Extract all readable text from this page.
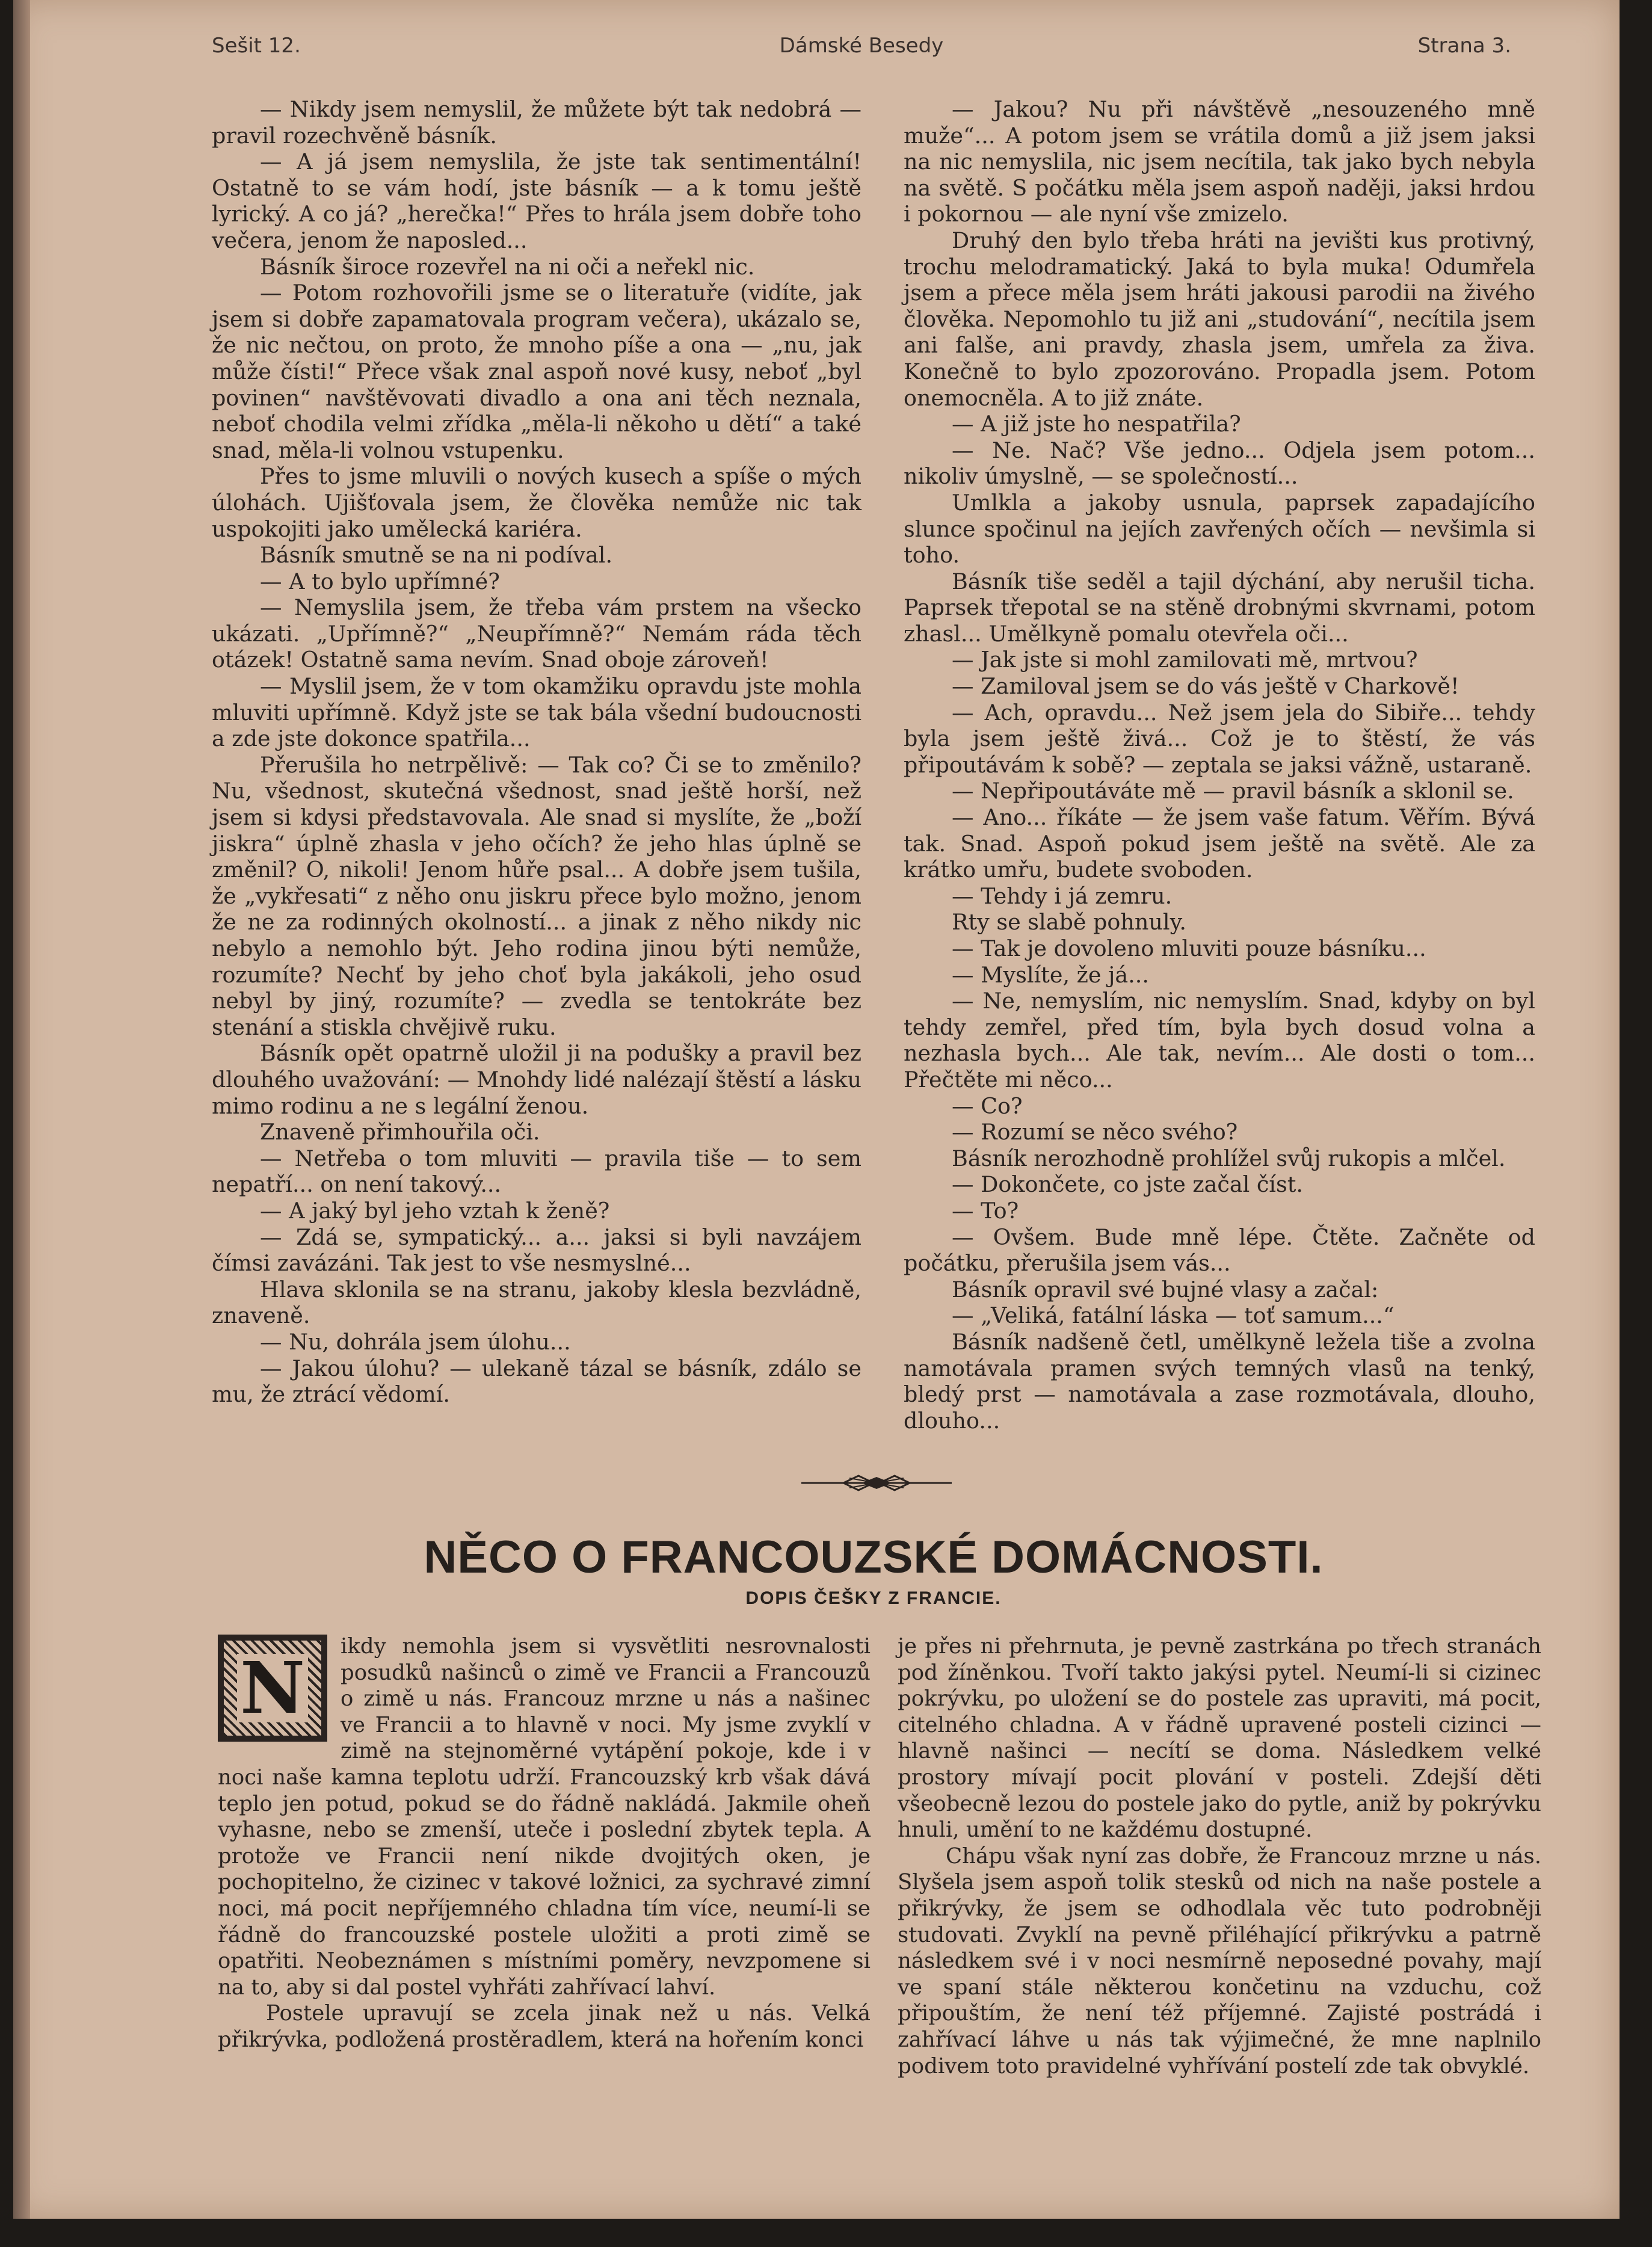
Sešit 12.	Dámské Besedy	Strana 3.

— Nikdy jsem nemyslil, že můžete být tak nedobrá — pravil rozechvěně básník.

— A já jsem nemyslila, že jste tak sentimentální! Ostatně to se vám hodí, jste básník — a k tomu ještě lyrický. A co já? „herečka!“ Přes to hrála jsem dobře toho večera, jenom že naposled...

Básník široce rozevřel na ni oči a neřekl nic.

— Potom rozhovořili jsme se o literatuře (vidíte, jak jsem si dobře zapamatovala program večera), ukázalo se, že nic nečtou, on proto, že mnoho píše a ona — „nu, jak může čísti!“ Přece však znal aspoň nové kusy, neboť „byl povinen“ navštěvovati divadlo a ona ani těch neznala, neboť chodila velmi zřídka „měla-li někoho u dětí“ a také snad, měla-li volnou vstupenku.

Přes to jsme mluvili o nových kusech a spíše o mých úlohách. Ujišťovala jsem, že člověka nemůže nic tak uspokojiti jako umělecká kariéra.

Básník smutně se na ni podíval.

— A to bylo upřímné?

— Nemyslila jsem, že třeba vám prstem na všecko ukázati. „Upřímně?“ „Neupřímně?“ Nemám ráda těch otázek! Ostatně sama nevím. Snad oboje zároveň!

— Myslil jsem, že v tom okamžiku opravdu jste mohla mluviti upřímně. Když jste se tak bála všední budoucnosti a zde jste dokonce spatřila...

Přerušila ho netrpělivě: — Tak co? Či se to změnilo? Nu, všednost, skutečná všednost, snad ještě horší, než jsem si kdysi představovala. Ale snad si myslíte, že „boží jiskra“ úplně zhasla v jeho očích? že jeho hlas úplně se změnil? O, nikoli! Jenom hůře psal... A dobře jsem tušila, že „vykřesati“ z něho onu jiskru přece bylo možno, jenom že ne za rodinných okolností... a jinak z něho nikdy nic nebylo a nemohlo být. Jeho rodina jinou býti nemůže, rozumíte? Nechť by jeho choť byla jakákoli, jeho osud nebyl by jiný, rozumíte? — zvedla se tentokráte bez stenání a stiskla chvějivě ruku.

Básník opět opatrně uložil ji na podušky a pravil bez dlouhého uvažování: — Mnohdy lidé nalézají štěstí a lásku mimo rodinu a ne s legální ženou.

Znaveně přimhouřila oči.

— Netřeba o tom mluviti — pravila tiše — to sem nepatří... on není takový...

— A jaký byl jeho vztah k ženě?

— Zdá se, sympatický... a... jaksi si byli navzájem čímsi zavázáni. Tak jest to vše nesmyslné...

Hlava sklonila se na stranu, jakoby klesla bezvládně, znaveně.

— Nu, dohrála jsem úlohu...

— Jakou úlohu? — ulekaně tázal se básník, zdálo se mu, že ztrácí vědomí.

— Jakou? Nu při návštěvě „nesouzeného mně muže“... A potom jsem se vrátila domů a již jsem jaksi na nic nemyslila, nic jsem necítila, tak jako bych nebyla na světě. S počátku měla jsem aspoň naději, jaksi hrdou i pokornou — ale nyní vše zmizelo.

Druhý den bylo třeba hráti na jevišti kus protivný, trochu melodramatický. Jaká to byla muka! Odumřela jsem a přece měla jsem hráti jakousi parodii na živého člověka. Nepomohlo tu již ani „studování“, necítila jsem ani falše, ani pravdy, zhasla jsem, umřela za živa. Konečně to bylo zpozorováno. Propadla jsem. Potom onemocněla. A to již znáte.

— A již jste ho nespatřila?

— Ne. Nač? Vše jedno... Odjela jsem potom... nikoliv úmyslně, — se společností...

Umlkla a jakoby usnula, paprsek zapadajícího slunce spočinul na jejích zavřených očích — nevšimla si toho.

Básník tiše seděl a tajil dýchání, aby nerušil ticha. Paprsek třepotal se na stěně drobnými skvrnami, potom zhasl... Umělkyně pomalu otevřela oči...

— Jak jste si mohl zamilovati mě, mrtvou?

— Zamiloval jsem se do vás ještě v Charkově!

— Ach, opravdu... Než jsem jela do Sibiře... tehdy byla jsem ještě živá... Což je to štěstí, že vás připoutávám k sobě? — zeptala se jaksi vážně, ustaraně.

— Nepřipoutáváte mě — pravil básník a sklonil se.

— Ano... říkáte — že jsem vaše fatum. Věřím. Bývá tak. Snad. Aspoň pokud jsem ještě na světě. Ale za krátko umřu, budete svoboden.

— Tehdy i já zemru.

Rty se slabě pohnuly.

— Tak je dovoleno mluviti pouze básníku...

— Myslíte, že já...

— Ne, nemyslím, nic nemyslím. Snad, kdyby on byl tehdy zemřel, před tím, byla bych dosud volna a nezhasla bych... Ale tak, nevím... Ale dosti o tom... Přečtěte mi něco...

— Co?

— Rozumí se něco svého?

Básník nerozhodně prohlížel svůj rukopis a mlčel.

— Dokončete, co jste začal číst.

— To?

— Ovšem. Bude mně lépe. Čtěte. Začněte od počátku, přerušila jsem vás...

Básník opravil své bujné vlasy a začal:

— „Veliká, fatální láska — toť samum...“

Básník nadšeně četl, umělkyně ležela tiše a zvolna namotávala pramen svých temných vlasů na tenký, bledý prst — namotávala a zase rozmotávala, dlouho, dlouho...

NĚCO O FRANCOUZSKÉ DOMÁCNOSTI.
DOPIS ČEŠKY Z FRANCIE.

N ikdy nemohla jsem si vysvětliti nesrovnalosti posudků našinců o zimě ve Francii a Francouzů o zimě u nás. Francouz mrzne u nás a našinec ve Francii a to hlavně v noci. My jsme zvyklí v zimě na stejnoměrné vytápění pokoje, kde i v noci naše kamna teplotu udrží. Francouzský krb však dává teplo jen potud, pokud se do řádně nakládá. Jakmile oheň vyhasne, nebo se zmenší, uteče i poslední zbytek tepla. A protože ve Francii není nikde dvojitých oken, je pochopitelno, že cizinec v takové ložnici, za sychravé zimní noci, má pocit nepříjemného chladna tím více, neumí-li se řádně do francouzské postele uložiti a proti zimě se opatřiti. Neobeznámen s místními poměry, nevzpomene si na to, aby si dal postel vyhřáti zahřívací lahví.

Postele upravují se zcela jinak než u nás. Velká přikrývka, podložená prostěradlem, která na hořením konci

je přes ni přehrnuta, je pevně zastrkána po třech stranách pod žíněnkou. Tvoří takto jakýsi pytel. Neumí-li si cizinec pokrývku, po uložení se do postele zas upraviti, má pocit, citelného chladna. A v řádně upravené posteli cizinci — hlavně našinci — necítí se doma. Následkem velké prostory mívají pocit plování v posteli. Zdejší děti všeobecně lezou do postele jako do pytle, aniž by pokrývku hnuli, umění to ne každému dostupné.

Chápu však nyní zas dobře, že Francouz mrzne u nás. Slyšela jsem aspoň tolik stesků od nich na naše postele a přikrývky, že jsem se odhodlala věc tuto podrobněji studovati. Zvyklí na pevně přiléhající přikrývku a patrně následkem své i v noci nesmírně neposedné povahy, mají ve spaní stále některou končetinu na vzduchu, což připouštím, že není též příjemné. Zajisté postrádá i zahřívací láhve u nás tak výjimečné, že mne naplnilo podivem toto pravidelné vyhřívání postelí zde tak obvyklé.
